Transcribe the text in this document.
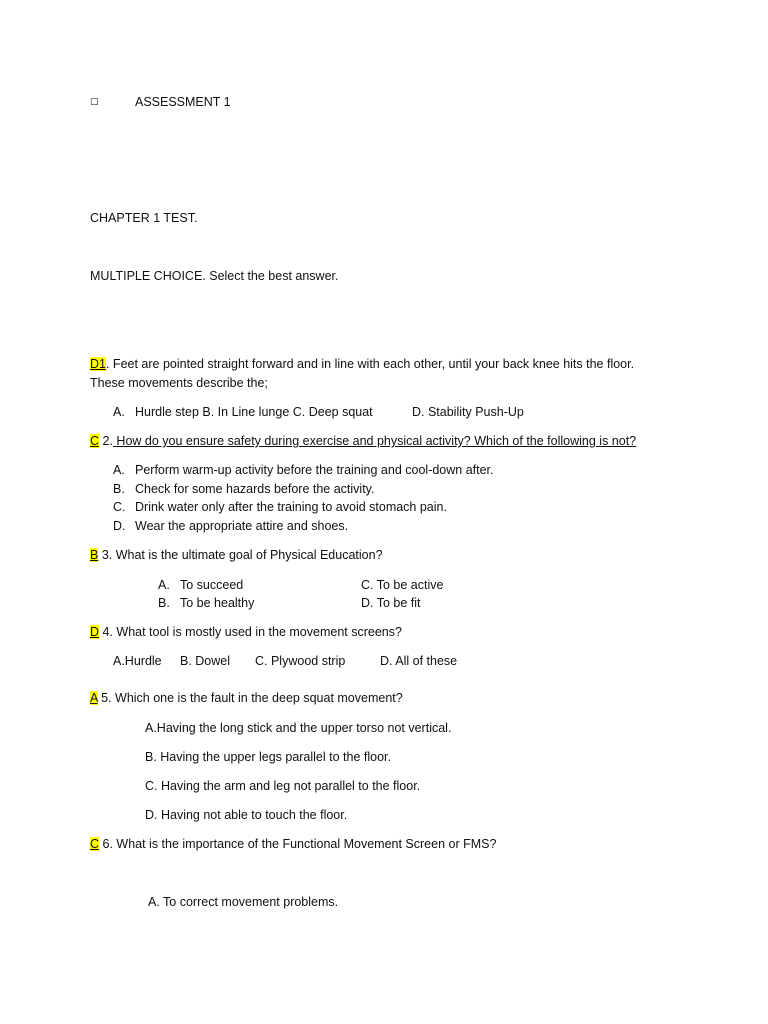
□	ASSESSMENT 1
CHAPTER 1 TEST.
MULTIPLE CHOICE. Select the best answer.
D1. Feet are pointed straight forward and in line with each other, until your back knee hits the floor.
These movements describe the;
A. Hurdle step B. In Line lunge C. Deep squat	D. Stability Push-Up
C 2. How do you ensure safety during exercise and physical activity? Which of the following is not?
A. Perform warm-up activity before the training and cool-down after.
B. Check for some hazards before the activity.
C. Drink water only after the training to avoid stomach pain.
D. Wear the appropriate attire and shoes.
B 3. What is the ultimate goal of Physical Education?
A. To succeed	C. To be active
B. To be healthy	D. To be fit
D 4. What tool is mostly used in the movement screens?
A.Hurdle B. Dowel C. Plywood strip	D. All of these
A 5. Which one is the fault in the deep squat movement?
A.Having the long stick and the upper torso not vertical.
B. Having the upper legs parallel to the floor.
C. Having the arm and leg not parallel to the floor.
D. Having not able to touch the floor.
C 6. What is the importance of the Functional Movement Screen or FMS?
A. To correct movement problems.
